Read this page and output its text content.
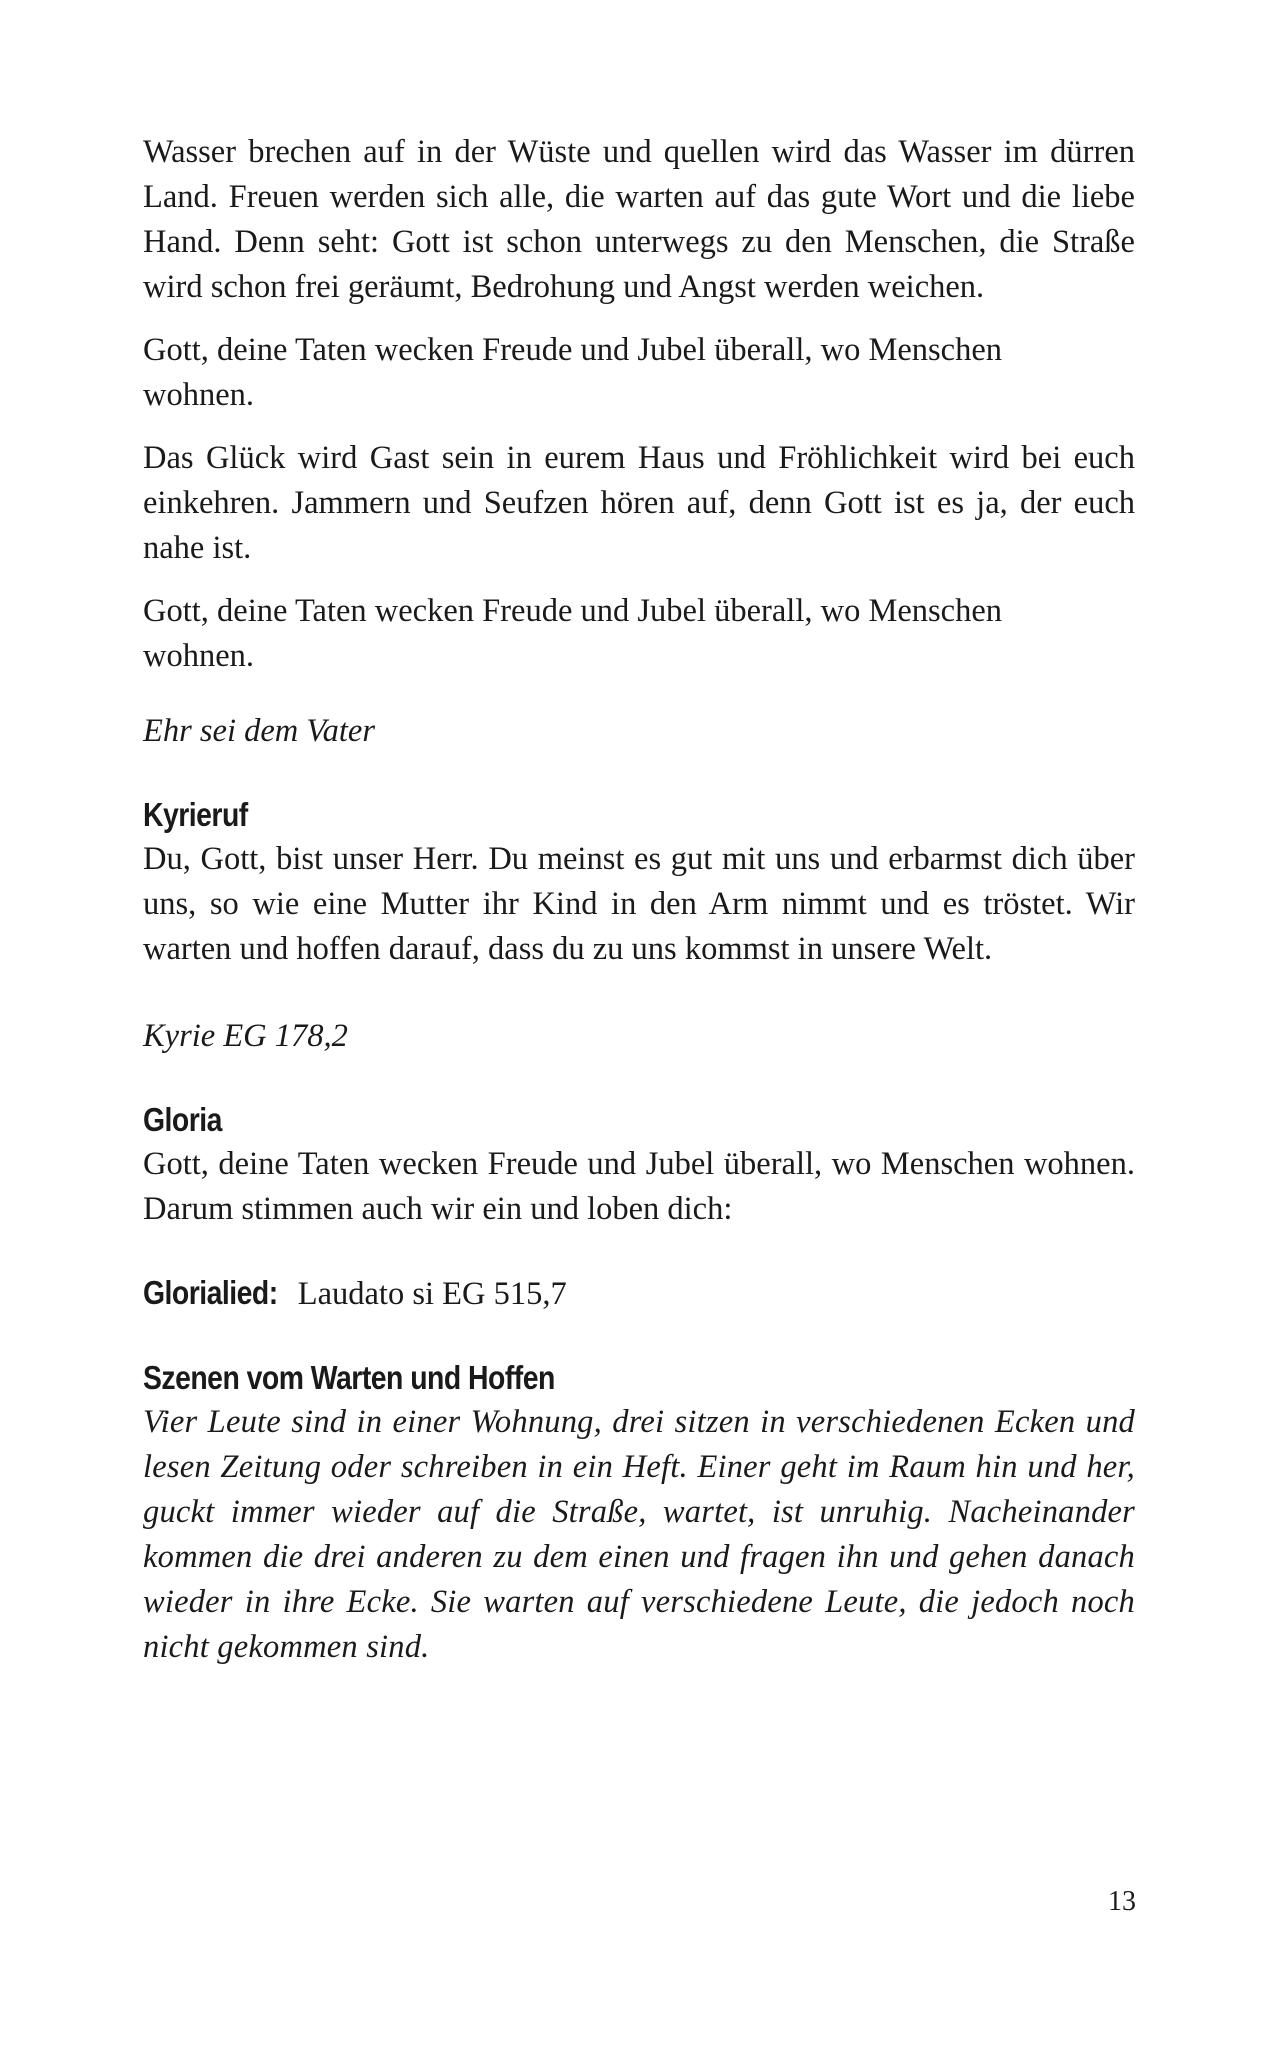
Wasser brechen auf in der Wüste und quellen wird das Wasser im dürren Land. Freuen werden sich alle, die warten auf das gute Wort und die liebe Hand. Denn seht: Gott ist schon unterwegs zu den Menschen, die Straße wird schon frei geräumt, Bedrohung und Angst werden weichen.

Gott, deine Taten wecken Freude und Jubel überall, wo Menschen wohnen.

Das Glück wird Gast sein in eurem Haus und Fröhlichkeit wird bei euch einkehren. Jammern und Seufzen hören auf, denn Gott ist es ja, der euch nahe ist.

Gott, deine Taten wecken Freude und Jubel überall, wo Menschen wohnen.

Ehr sei dem Vater

Kyrieruf

Du, Gott, bist unser Herr. Du meinst es gut mit uns und erbarmst dich über uns, so wie eine Mutter ihr Kind in den Arm nimmt und es tröstet. Wir warten und hoffen darauf, dass du zu uns kommst in unsere Welt.

Kyrie EG 178,2

Gloria

Gott, deine Taten wecken Freude und Jubel überall, wo Menschen wohnen. Darum stimmen auch wir ein und loben dich:

Glorialied: Laudato si EG 515,7

Szenen vom Warten und Hoffen

Vier Leute sind in einer Wohnung, drei sitzen in verschiedenen Ecken und lesen Zeitung oder schreiben in ein Heft. Einer geht im Raum hin und her, guckt immer wieder auf die Straße, wartet, ist unruhig. Nacheinander kommen die drei anderen zu dem einen und fragen ihn und gehen danach wieder in ihre Ecke. Sie warten auf verschiedene Leute, die jedoch noch nicht gekommen sind.

13
